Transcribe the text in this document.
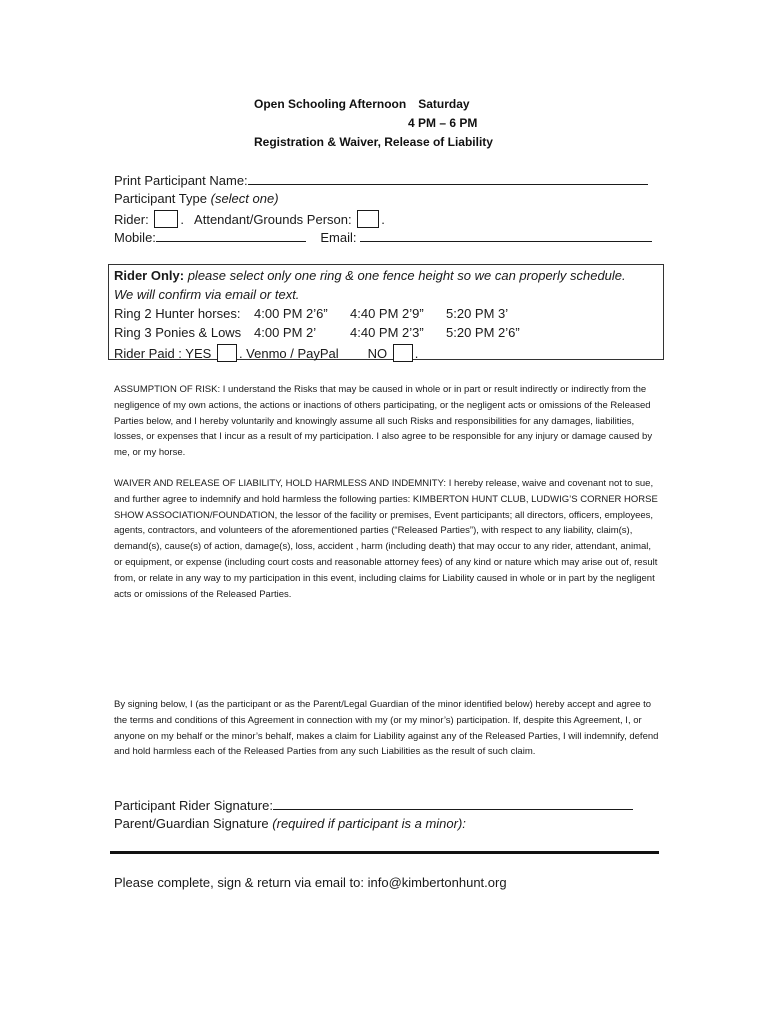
Open Schooling Afternoon Saturday
4 PM – 6 PM
Registration & Waiver, Release of Liability
Print Participant Name:
Participant Type (select one)
Rider: .   Attendant/Grounds Person: .
Mobile:	Email:
Rider Only: please select only one ring & one fence height so we can properly schedule.
We will confirm via email or text.
Ring 2 Hunter horses: 4:00 PM 2’6” 4:40 PM 2’9” 5:20 PM 3’
Ring 3 Ponies & Lows 4:00 PM 2’	4:40 PM 2’3” 5:20 PM 2’6”
Rider Paid : YES . Venmo / PayPal NO .
ASSUMPTION OF RISK: I understand the Risks that may be caused in whole or in part or result indirectly or indirectly from the negligence of my own actions, the actions or inactions of others participating, or the negligent acts or omissions of the Released Parties below, and I hereby voluntarily and knowingly assume all such Risks and responsibilities for any damages, liabilities, losses, or expenses that I incur as a result of my participation. I also agree to be responsible for any injury or damage caused by me, or my horse.
WAIVER AND RELEASE OF LIABILITY, HOLD HARMLESS AND INDEMNITY: I hereby release, waive and covenant not to sue, and further agree to indemnify and hold harmless the following parties: KIMBERTON HUNT CLUB, LUDWIG’S CORNER HORSE SHOW ASSOCIATION/FOUNDATION, the lessor of the facility or premises, Event participants; all directors, officers, employees, agents, contractors, and volunteers of the aforementioned parties (“Released Parties”), with respect to any liability, claim(s), demand(s), cause(s) of action, damage(s), loss, accident , harm (including death) that may occur to any rider, attendant, animal, or equipment, or expense (including court costs and reasonable attorney fees) of any kind or nature which may arise out of, result from, or relate in any way to my participation in this event, including claims for Liability caused in whole or in part by the negligent acts or omissions of the Released Parties.
By signing below, I (as the participant or as the Parent/Legal Guardian of the minor identified below) hereby accept and agree to the terms and conditions of this Agreement in connection with my (or my minor’s) participation. If, despite this Agreement, I, or anyone on my behalf or the minor’s behalf, makes a claim for Liability against any of the Released Parties, I will indemnify, defend and hold harmless each of the Released Parties from any such Liabilities as the result of such claim.
Participant Rider Signature:
Parent/Guardian Signature (required if participant is a minor):
Please complete, sign & return via email to: info@kimbertonhunt.org
